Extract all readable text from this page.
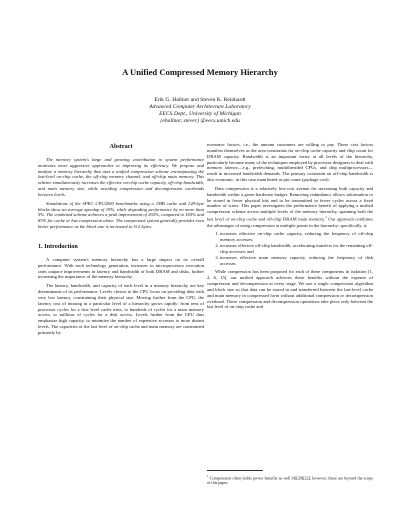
A Unified Compressed Memory Hierarchy
Erik G. Hallnor and Steven K. Reinhardt
Advanced Computer Architecture Laboratory
EECS Dept., University of Michigan
{ehallnor, stever} @eecs.umich.edu
Abstract

The memory system's large and growing contribution to system performance motivates more aggressive approaches to improving its efficiency. We propose and analyze a memory hierarchy that uses a unified compression scheme encompassing the last-level on-chip cache, the off-chip memory channel, and off-chip main memory. This scheme simultaneously increases the effective on-chip cache capacity, off-chip bandwidth, and main memory size, while avoiding compression and decompression overheads between levels.

Simulations of the SPEC CPU2000 benchmarks using a 1MB cache and 128-byte blocks show an average speedup of 19%, while degrading performance by no more than 5%. The combined scheme achieves a peak improvement of 292%, compared to 165% and 83% for cache or bus compression alone. The compressed system generally provides even better performance as the block size is increased to 512 bytes.

1. Introduction

A computer system's memory hierarchy has a large impact on its overall performance. With each technology generation, increases in microprocessor execution rates outpace improvements in latency and bandwidth of both DRAM and disks, further increasing the importance of the memory hierarchy.

The latency, bandwidth, and capacity of each level in a memory hierarchy are key determinants of its performance. Levels closest to the CPU focus on providing data with very low latency, constraining their physical size. Moving further from the CPU, the latency cost of missing in a particular level of a hierarchy grows rapidly: from tens of processor cycles for a first level cache miss, to hundreds of cycles for a main memory access, to millions of cycles for a disk access. Levels further from the CPU thus emphasize high capacity, to minimize the number of expensive accesses to more distant levels. The capacities of the last level of on-chip cache and main memory are constrained primarily by

economic factors, i.e., the amount customers are willing to pay. These cost factors manifest themselves as die area constraints for on-chip cache capacity and chip count for DRAM capacity. Bandwidth is an important factor at all levels of the hierarchy, particularly because many of the techniques employed by processor designers to deal with memory latency—e.g., prefetching, multithreaded CPUs, and chip multiprocessors—result in increased bandwidth demands. The primary constraint on off-chip bandwidth is also economic, in this case manifested as pin count (package cost).

Data compression is a relatively low-cost avenue for increasing both capacity and bandwidth within a given hardware budget. Removing redundancy allows information to be stored in fewer physical bits and to be transmitted in fewer cycles across a fixed number of wires. This paper investigates the performance benefit of applying a unified compression scheme across multiple levels of the memory hierarchy, spanning both the last level of on-chip cache and off-chip DRAM main memory.$^1$ Our approach combines the advantages of using compression at multiple points in the hierarchy; specifically, it:

1. increases effective on-chip cache capacity, reducing the frequency of off-chip memory accesses;
2. increases effective off-chip bandwidth, accelerating transfers for the remaining off-chip accesses; and
3. increases effective main memory capacity, reducing the frequency of disk accesses.

While compression has been proposed for each of these components in isolation [1, 2, 6, 15], our unified approach achieves these benefits without the expense of compression and decompression at every stage. We use a single compression algorithm and block size so that data can be stored in and transferred between the last-level cache and main memory in compressed form without additional compression or decompression overhead. These compression and decompression operations take place only between the last level of on-chip cache and

$^1$ Compression often yields power benefits as well [4][20][22], however, these are beyond the scope of this paper.
